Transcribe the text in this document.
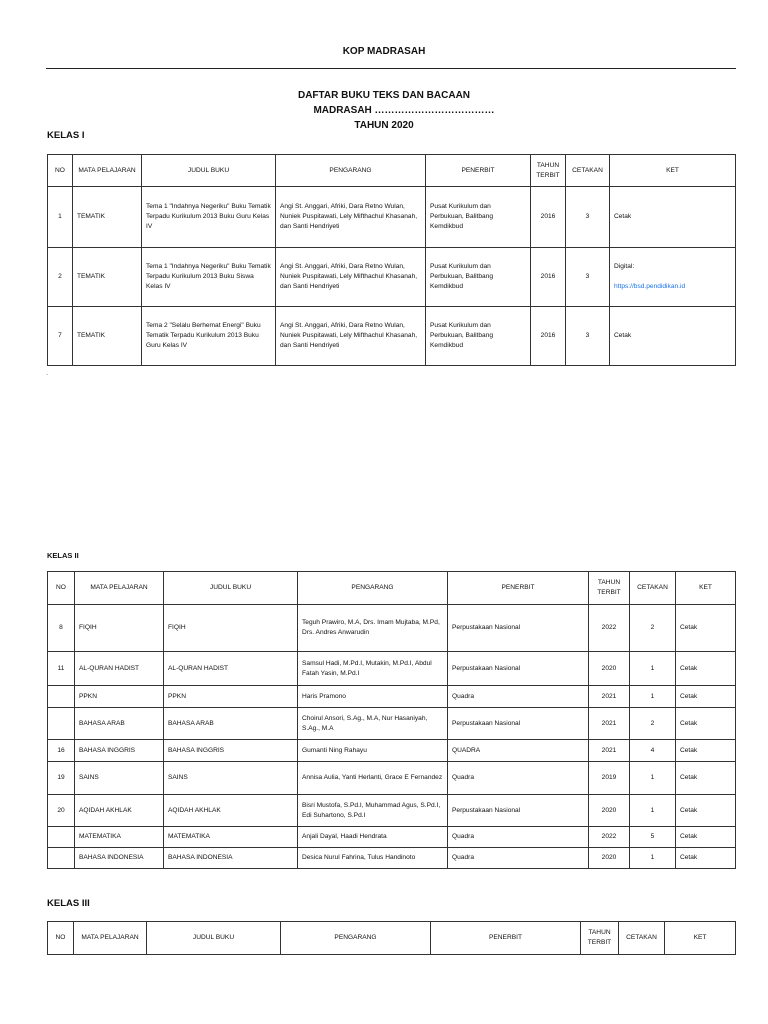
KOP MADRASAH
DAFTAR BUKU TEKS DAN BACAAN
MADRASAH ………………………………
TAHUN 2020
KELAS I
NO	MATA PELAJARAN	JUDUL BUKU	PENGARANG	PENERBIT	TAHUN TERBIT	CETAKAN	KET
1	TEMATIK	Tema 1 "Indahnya Negeriku" Buku Tematik Terpadu Kurikulum 2013 Buku Guru Kelas IV	Angi St. Anggari, Afriki, Dara Retno Wulan, Nuniek Puspitawati, Lely Mifthachul Khasanah, dan Santi Hendriyeti	Pusat Kurikulum dan Perbukuan, Balitbang Kemdikbud	2016	3	Cetak
2	TEMATIK	Tema 1 "Indahnya Negeriku" Buku Tematik Terpadu Kurikulum 2013 Buku Siswa Kelas IV	Angi St. Anggari, Afriki, Dara Retno Wulan, Nuniek Puspitawati, Lely Mifthachul Khasanah, dan Santi Hendriyeti	Pusat Kurikulum dan Perbukuan, Balitbang Kemdikbud	2016	3	Digital:
https://bsd.pendidikan.id

7	TEMATIK	Tema 2 "Selalu Berhemat Energi" Buku Tematik Terpadu Kurikulum 2013 Buku Guru Kelas IV	Angi St. Anggari, Afriki, Dara Retno Wulan, Nuniek Puspitawati, Lely Mifthachul Khasanah, dan Santi Hendriyeti	Pusat Kurikulum dan Perbukuan, Balitbang Kemdikbud	2016	3	Cetak
.
KELAS II
NO	MATA PELAJARAN	JUDUL BUKU	PENGARANG	PENERBIT	TAHUN TERBIT	CETAKAN	KET
8	FIQIH	FIQIH	Teguh Prawiro, M.A, Drs. Imam Mujtaba, M.Pd, Drs. Andres Anwarudin	Perpustakaan Nasional	2022	2	Cetak
11	AL-QURAN HADIST	AL-QURAN HADIST	Samsul Hadi, M.Pd.I, Mutakin, M.Pd.I, Abdul Fatah Yasin, M.Pd.I	Perpustakaan Nasional	2020	1	Cetak
	PPKN	PPKN	Haris Pramono	Quadra	2021	1	Cetak
	BAHASA ARAB	BAHASA ARAB	Choirul Ansori, S.Ag., M.A, Nur Hasaniyah, S.Ag., M.A	Perpustakaan Nasional	2021	2	Cetak
16	BAHASA INGGRIS	BAHASA INGGRIS	Gumanti Ning Rahayu	QUADRA	2021	4	Cetak
19	SAINS	SAINS	Annisa Aulia, Yanti Herlanti, Grace E Fernandez	Quadra	2019	1	Cetak
20	AQIDAH AKHLAK	AQIDAH AKHLAK	Bisri Mustofa, S.Pd.I, Muhammad Agus, S.Pd.I, Edi Suhartono, S.Pd.I	Perpustakaan Nasional	2020	1	Cetak
	MATEMATIKA	MATEMATIKA	Anjali Dayal, Haadi Hendrata	Quadra	2022	5	Cetak
	BAHASA INDONESIA	BAHASA INDONESIA	Desica Nurul Fahrina, Tulus Handinoto	Quadra	2020	1	Cetak
KELAS III
NO	MATA PELAJARAN	JUDUL BUKU	PENGARANG	PENERBIT	TAHUN TERBIT	CETAKAN	KET
